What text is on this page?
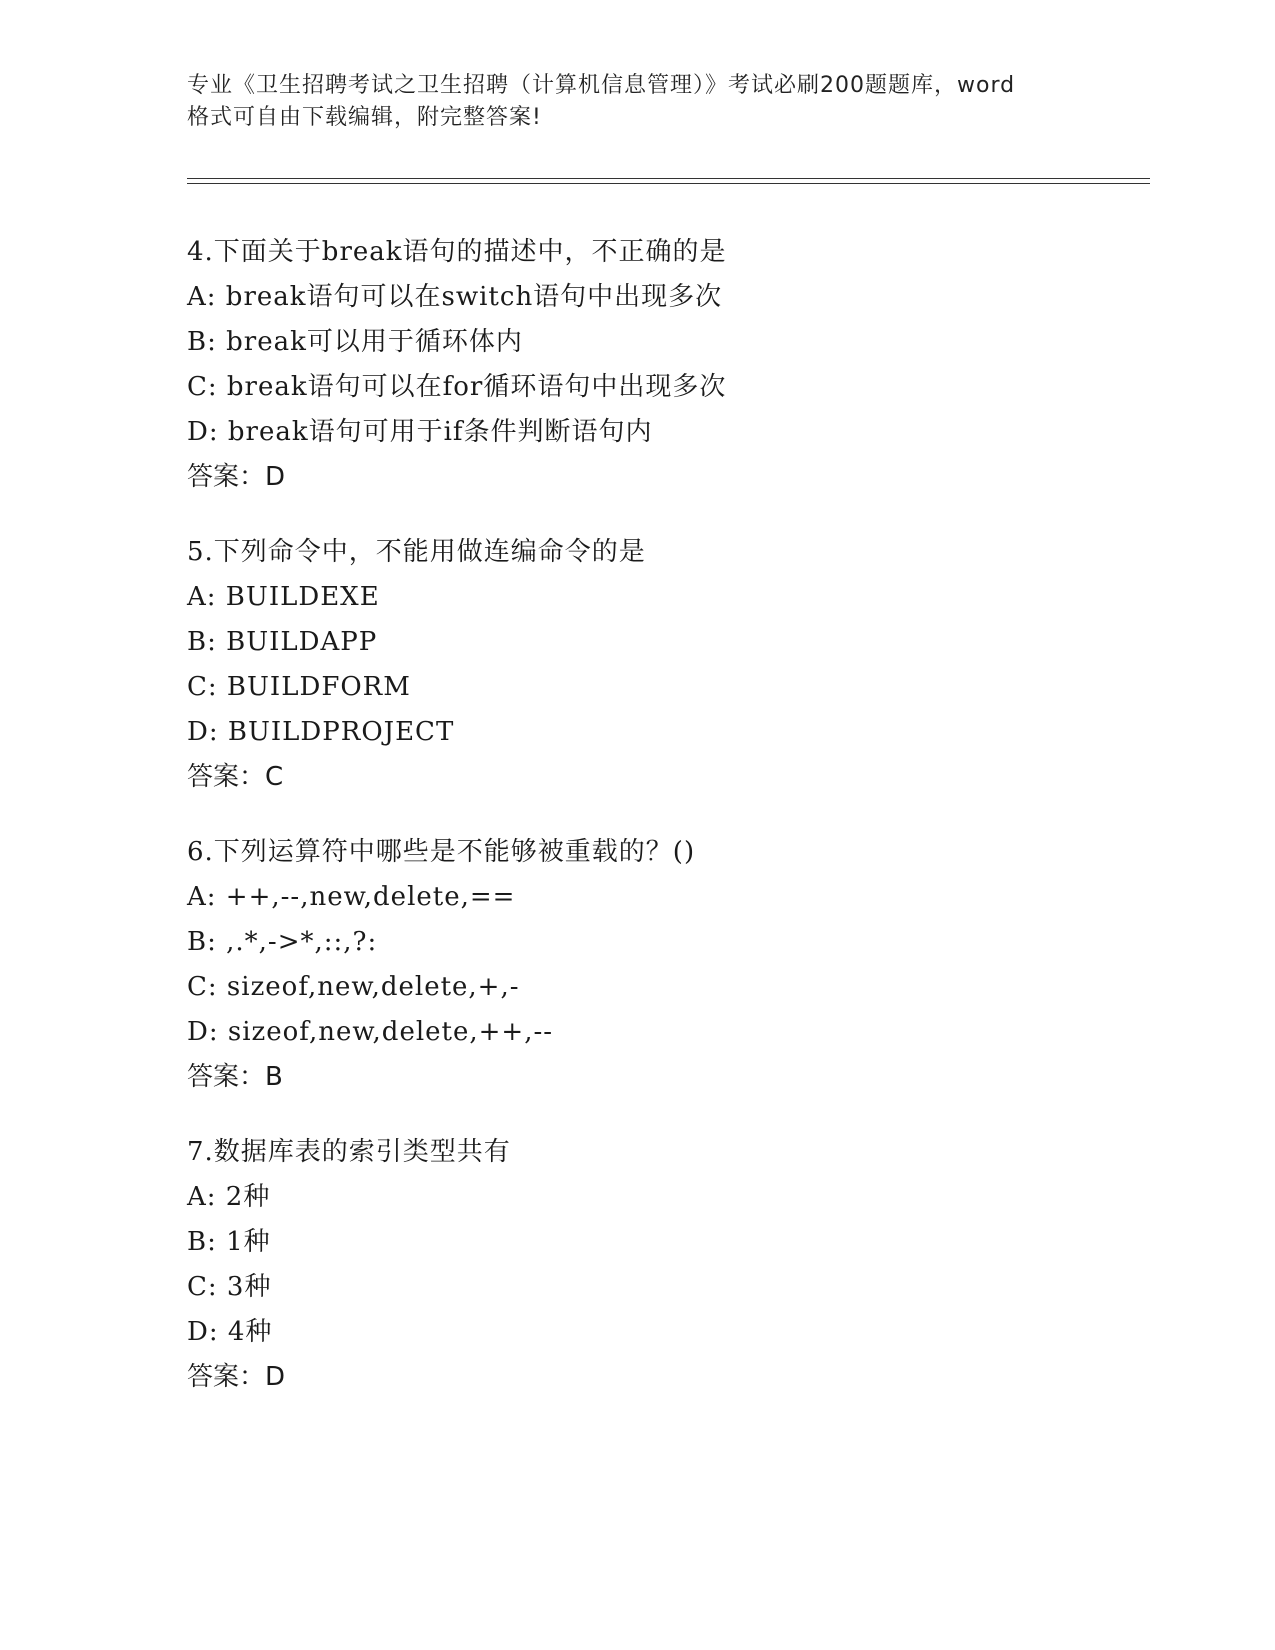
专业《卫生招聘考试之卫生招聘（计算机信息管理）》考试必刷200题题库，word
格式可自由下载编辑，附完整答案!
4.下面关于break语句的描述中，不正确的是
A: break语句可以在switch语句中出现多次
B: break可以用于循环体内
C: break语句可以在for循环语句中出现多次
D: break语句可用于if条件判断语句内
答案：D
5.下列命令中，不能用做连编命令的是
A: BUILDEXE
B: BUILDAPP
C: BUILDFORM
D: BUILDPROJECT
答案：C
6.下列运算符中哪些是不能够被重载的？()
A: ++,--,new,delete,==
B: ,.*,->*,::,?:
C: sizeof,new,delete,+,-
D: sizeof,new,delete,++,--
答案：B
7.数据库表的索引类型共有
A: 2种
B: 1种
C: 3种
D: 4种
答案：D
